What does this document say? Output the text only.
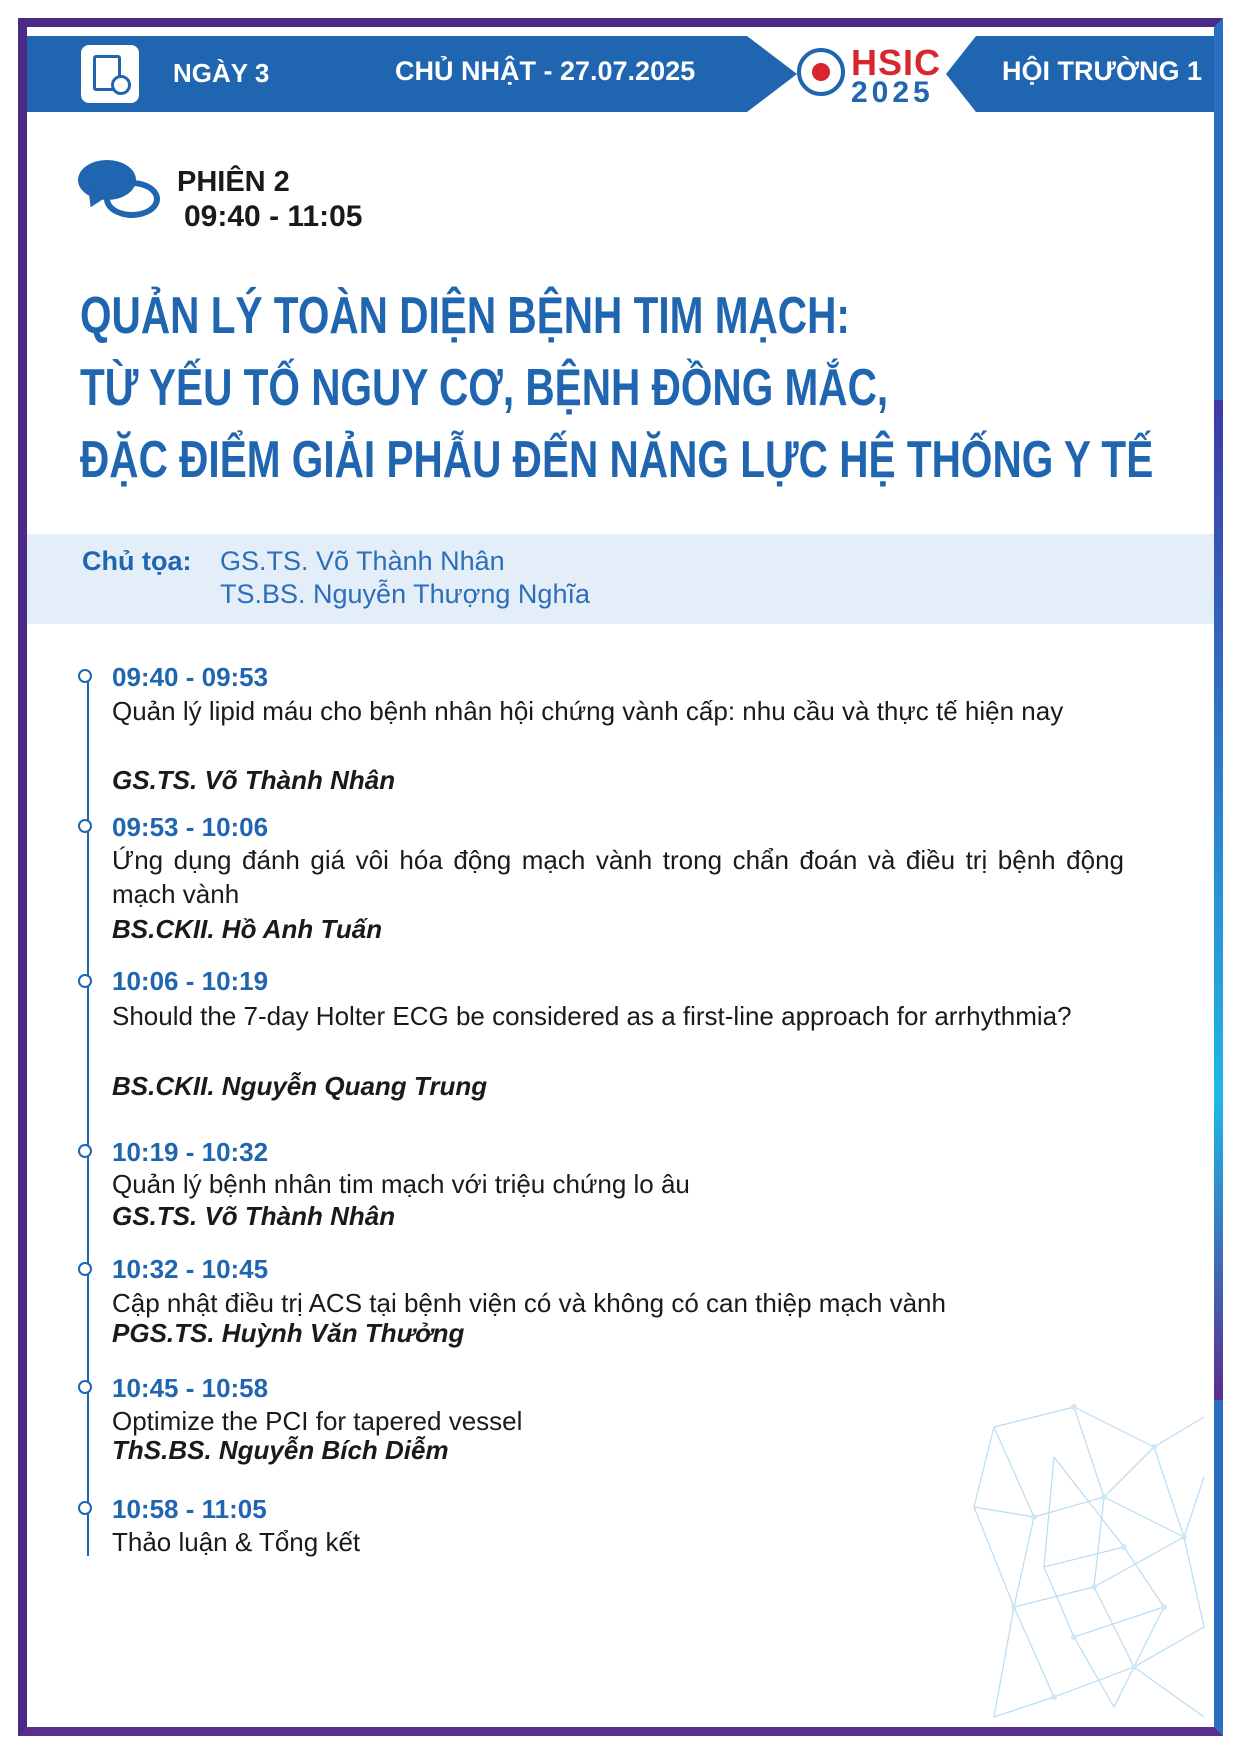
NGÀY 3	CHỦ NHẬT - 27.07.2025	HSIC
2025
HỘI TRƯỜNG 1
PHIÊN 2
09:40 - 11:05
QUẢN LÝ TOÀN DIỆN BỆNH TIM MẠCH:
TỪ YẾU TỐ NGUY CƠ, BỆNH ĐỒNG MẮC,
ĐẶC ĐIỂM GIẢI PHẪU ĐẾN NĂNG LỰC HỆ THỐNG Y TẾ
Chủ tọa: GS.TS. Võ Thành Nhân
TS.BS. Nguyễn Thượng Nghĩa
09:40 - 09:53
Quản lý lipid máu cho bệnh nhân hội chứng vành cấp: nhu cầu và thực tế hiện nay
GS.TS. Võ Thành Nhân
09:53 - 10:06
Ứng dụng đánh giá vôi hóa động mạch vành trong chẩn đoán và điều trị bệnh động mạch vành
BS.CKII. Hồ Anh Tuấn
10:06 - 10:19
Should the 7-day Holter ECG be considered as a first-line approach for arrhythmia?
BS.CKII. Nguyễn Quang Trung
10:19 - 10:32
Quản lý bệnh nhân tim mạch với triệu chứng lo âu
GS.TS. Võ Thành Nhân
10:32 - 10:45
Cập nhật điều trị ACS tại bệnh viện có và không có can thiệp mạch vành
PGS.TS. Huỳnh Văn Thưởng
10:45 - 10:58
Optimize the PCI for tapered vessel
ThS.BS. Nguyễn Bích Diễm
10:58 - 11:05
Thảo luận & Tổng kết
